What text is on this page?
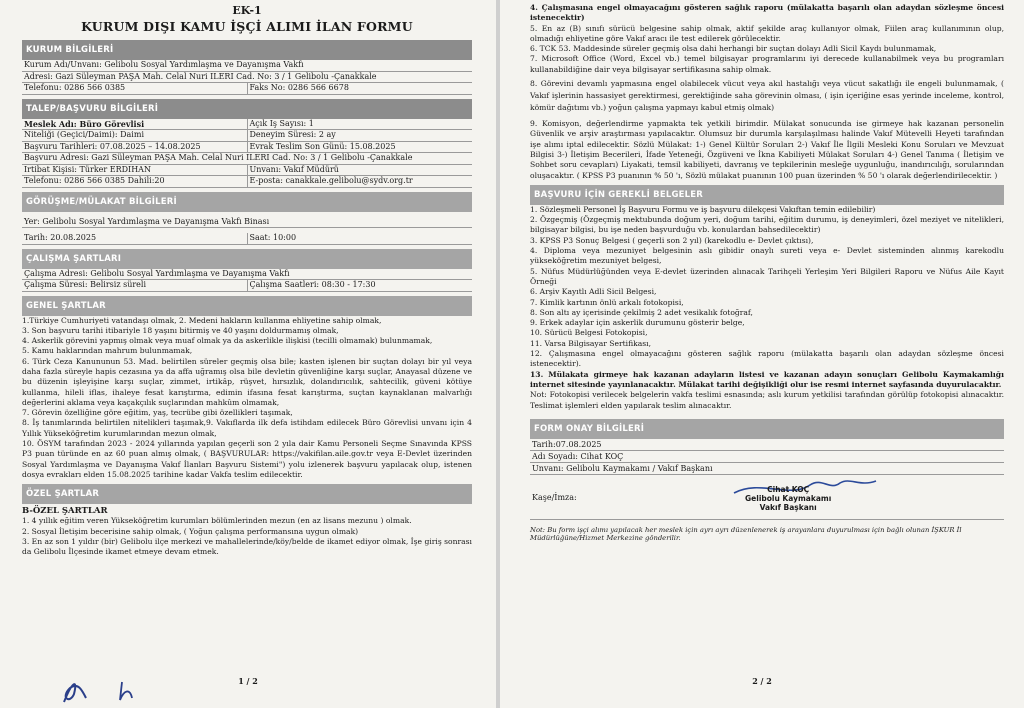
EK-1
KURUM DIŞI KAMU İŞÇİ ALIMI İLAN FORMU
KURUM BİLGİLERİ
Kurum Adı/Unvanı: Gelibolu Sosyal Yardımlaşma ve Dayanışma Vakfı
Adresi: Gazi Süleyman PAŞA Mah. Celal Nuri İLERİ Cad. No: 3 / 1 Gelibolu -Çanakkale
Telefonu: 0286 566 0385	Faks No: 0286 566 6678
TALEP/BAŞVURU BİLGİLERİ
Meslek Adı: Büro Görevlisi	Açık İş Sayısı: 1
Niteliği (Geçici/Daimi): Daimi	Deneyim Süresi: 2 ay
Başvuru Tarihleri: 07.08.2025 – 14.08.2025	Evrak Teslim Son Günü: 15.08.2025
Başvuru Adresi: Gazi Süleyman PAŞA Mah. Celal Nuri İLERİ Cad. No: 3 / 1 Gelibolu -Çanakkale
İrtibat Kişisi: Türker ERDİHAN	Unvanı: Vakıf Müdürü
Telefonu: 0286 566 0385 Dahili:20	E-posta: canakkale.gelibolu@sydv.org.tr
GÖRÜŞME/MÜLAKAT BİLGİLERİ
Yer: Gelibolu Sosyal Yardımlaşma ve Dayanışma Vakfı Binası
Tarih: 20.08.2025	Saat: 10:00
ÇALIŞMA ŞARTLARI
Çalışma Adresi: Gelibolu Sosyal Yardımlaşma ve Dayanışma Vakfı
Çalışma Süresi: Belirsiz süreli	Çalışma Saatleri: 08:30 - 17:30
GENEL ŞARTLAR

1.Türkiye Cumhuriyeti vatandaşı olmak, 2. Medeni hakların kullanma ehliyetine sahip olmak,

3. Son başvuru tarihi itibariyle 18 yaşını bitirmiş ve 40 yaşını doldurmamış olmak,

4. Askerlik görevini yapmış olmak veya muaf olmak ya da askerlikle ilişkisi (tecilli olmamak) bulunmamak,

5. Kamu haklarından mahrum bulunmamak,

6. Türk Ceza Kanununun 53. Mad. belirtilen süreler geçmiş olsa bile; kasten işlenen bir suçtan dolayı bir yıl veya daha fazla süreyle hapis cezasına ya da affa uğramış olsa bile devletin güvenliğine karşı suçlar, Anayasal düzene ve bu düzenin işleyişine karşı suçlar, zimmet, irtikâp, rüşvet, hırsızlık, dolandırıcılık, sahtecilik, güveni kötüye kullanma, hileli iflas, ihaleye fesat karıştırma, edimin ifasına fesat karıştırma, suçtan kaynaklanan malvarlığı değerlerini aklama veya kaçakçılık suçlarından mahkûm olmamak,

7. Görevin özelliğine göre eğitim, yaş, tecrübe gibi özellikleri taşımak,

8. İş tanımlarında belirtilen nitelikleri taşımak,9. Vakıflarda ilk defa istihdam edilecek Büro Görevlisi unvanı için 4 Yıllık Yükseköğretim kurumlarından mezun olmak,

10. ÖSYM tarafından 2023 - 2024 yıllarında yapılan geçerli son 2 yıla dair Kamu Personeli Seçme Sınavında KPSS P3 puan türünde en az 60 puan almış olmak, ( BAŞVURULAR: https://vakifilan.aile.gov.tr veya E-Devlet üzerinden Sosyal Yardımlaşma ve Dayanışma Vakıf İlanları Başvuru Sistemi") yolu izlenerek başvuru yapılacak olup, istenen dosya evrakları elden 15.08.2025 tarihine kadar Vakfa teslim edilecektir.

ÖZEL ŞARTLAR
B-ÖZEL ŞARTLAR

1. 4 yıllık eğitim veren Yükseköğretim kurumları bölümlerinden mezun (en az lisans mezunu ) olmak.

2. Sosyal İletişim becerisine sahip olmak, ( Yoğun çalışma performansına uygun olmak)

3. En az son 1 yıldır (bir) Gelibolu ilçe merkezi ve mahallelerinde/köy/belde de ikamet ediyor olmak, İşe giriş sonrası da Gelibolu İlçesinde ikamet etmeye devam etmek.

1 / 2

4. Çalışmasına engel olmayacağını gösteren sağlık raporu (mülakatta başarılı olan adaydan sözleşme öncesi istenecektir)

5. En az (B) sınıfı sürücü belgesine sahip olmak, aktif şekilde araç kullanıyor olmak, Fiilen araç kullanımının olup, olmadığı ehliyetine göre Vakıf aracı ile test edilerek görülecektir.

6. TCK 53. Maddesinde süreler geçmiş olsa dahi herhangi bir suçtan dolayı Adli Sicil Kaydı bulunmamak,

7. Microsoft Office (Word, Excel vb.) temel bilgisayar programlarını iyi derecede kullanabilmek veya bu programları kullanabildiğine dair veya bilgisayar sertifikasına sahip olmak.

8. Görevini devamlı yapmasına engel olabilecek vücut veya akıl hastalığı veya vücut sakatlığı ile engeli bulunmamak, ( Vakıf işlerinin hassasiyet gerektirmesi, gerektiğinde saha görevinin olması, ( işin içeriğine esas yerinde inceleme, kontrol, kömür dağıtımı vb.) yoğun çalışma yapmayı kabul etmiş olmak)

9. Komisyon, değerlendirme yapmakta tek yetkili birimdir. Mülakat sonucunda ise girmeye hak kazanan personelin Güvenlik ve arşiv araştırması yapılacaktır. Olumsuz bir durumla karşılaşılması halinde Vakıf Mütevelli Heyeti tarafından işe alımı iptal edilecektir. Sözlü Mülakat: 1-) Genel Kültür Soruları 2-) Vakıf İle İlgili Mesleki Konu Soruları ve Mevzuat Bilgisi 3-) İletişim Becerileri, İfade Yeteneği, Özgüveni ve İkna Kabiliyeti Mülakat Soruları 4-) Genel Tanıma ( İletişim ve Sohbet soru cevapları) Liyakati, temsil kabiliyeti, davranış ve tepkilerinin mesleğe uygunluğu, inandırıcılığı, sorularından oluşacaktır. ( KPSS P3 puanının % 50 'ı, Sözlü mülakat puanının 100 puan üzerinden % 50 'ı olarak değerlendirilecektir. )

BAŞVURU İÇİN GEREKLİ BELGELER

1. Sözleşmeli Personel İş Başvuru Formu ve iş başvuru dilekçesi Vakıftan temin edilebilir)

2. Özgeçmiş (Özgeçmiş mektubunda doğum yeri, doğum tarihi, eğitim durumu, iş deneyimleri, özel meziyet ve nitelikleri, bilgisayar bilgisi, bu işe neden başvurduğu vb. konulardan bahsedilecektir)

3. KPSS P3 Sonuç Belgesi ( geçerli son 2 yıl) (karekodlu e- Devlet çıktısı),

4. Diploma veya mezuniyet belgesinin aslı gibidir onaylı sureti veya e- Devlet sisteminden alınmış karekodlu yükseköğretim mezuniyet belgesi,

5. Nüfus Müdürlüğünden veya E-devlet üzerinden alınacak Tarihçeli Yerleşim Yeri Bilgileri Raporu ve Nüfus Aile Kayıt Örneği

6. Arşiv Kayıtlı Adli Sicil Belgesi,

7. Kimlik kartının önlü arkalı fotokopisi,

8. Son altı ay içerisinde çekilmiş 2 adet vesikalık fotoğraf,

9. Erkek adaylar için askerlik durumunu gösterir belge,

10. Sürücü Belgesi Fotokopisi,

11. Varsa Bilgisayar Sertifikası,

12. Çalışmasına engel olmayacağını gösteren sağlık raporu (mülakatta başarılı olan adaydan sözleşme öncesi istenecektir).

13. Mülakata girmeye hak kazanan adayların listesi ve kazanan adayın sonuçları Gelibolu Kaymakamlığı internet sitesinde yayınlanacaktır. Mülakat tarihi değişikliği olur ise resmi internet sayfasında duyurulacaktır.

Not: Fotokopisi verilecek belgelerin vakfa teslimi esnasında; aslı kurum yetkilisi tarafından görülüp fotokopisi alınacaktır. Teslimat işlemleri elden yapılarak teslim alınacaktır.

FORM ONAY BİLGİLERİ
Tarih:07.08.2025
Adı Soyadı: Cihat KOÇ
Unvanı: Gelibolu Kaymakamı / Vakıf Başkanı
Kaşe/İmza:
Cihat KOÇ
Gelibolu Kaymakamı
Vakıf Başkanı
Not: Bu form işçi alımı yapılacak her meslek için ayrı ayrı düzenlenerek iş arayanlara duyurulması için bağlı olunan İŞKUR İl Müdürlüğüne/Hizmet Merkezine gönderilir.
2 / 2
